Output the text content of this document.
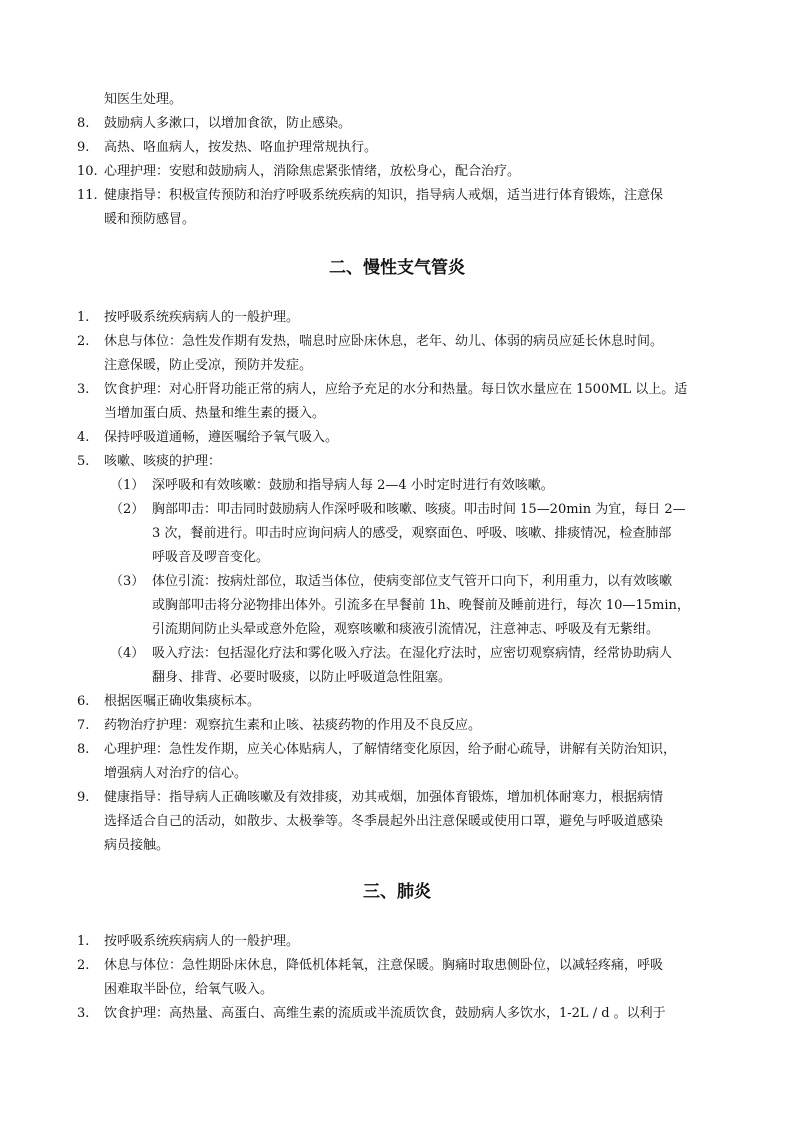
知医生处理。
8. 鼓励病人多漱口，以增加食欲，防止感染。
9. 高热、咯血病人，按发热、咯血护理常规执行。
10. 心理护理：安慰和鼓励病人，消除焦虑紧张情绪，放松身心，配合治疗。
11. 健康指导：积极宣传预防和治疗呼吸系统疾病的知识，指导病人戒烟，适当进行体育锻炼，注意保
暖和预防感冒。
二、慢性支气管炎
1. 按呼吸系统疾病病人的一般护理。
2. 休息与体位：急性发作期有发热，喘息时应卧床休息，老年、幼儿、体弱的病员应延长休息时间。
注意保暖，防止受凉，预防并发症。
3. 饮食护理：对心肝肾功能正常的病人，应给予充足的水分和热量。每日饮水量应在 1500ML 以上。适
当增加蛋白质、热量和维生素的摄入。
4. 保持呼吸道通畅，遵医嘱给予氧气吸入。
5. 咳嗽、咳痰的护理：
（1） 深呼吸和有效咳嗽：鼓励和指导病人每 2—4 小时定时进行有效咳嗽。
（2） 胸部叩击：叩击同时鼓励病人作深呼吸和咳嗽、咳痰。叩击时间 15—20min 为宜，每日 2—
3 次，餐前进行。叩击时应询问病人的感受，观察面色、呼吸、咳嗽、排痰情况，检查肺部
呼吸音及啰音变化。
（3） 体位引流：按病灶部位，取适当体位，使病变部位支气管开口向下，利用重力，以有效咳嗽
或胸部叩击将分泌物排出体外。引流多在早餐前 1h、晚餐前及睡前进行，每次 10—15min，
引流期间防止头晕或意外危险，观察咳嗽和痰液引流情况，注意神志、呼吸及有无紫绀。
（4） 吸入疗法：包括湿化疗法和雾化吸入疗法。在湿化疗法时，应密切观察病情，经常协助病人
翻身、排背、必要时吸痰，以防止呼吸道急性阻塞。
6. 根据医嘱正确收集痰标本。
7. 药物治疗护理：观察抗生素和止咳、祛痰药物的作用及不良反应。
8. 心理护理：急性发作期，应关心体贴病人，了解情绪变化原因，给予耐心疏导，讲解有关防治知识，
增强病人对治疗的信心。
9. 健康指导：指导病人正确咳嗽及有效排痰，劝其戒烟，加强体育锻炼，增加机体耐寒力，根据病情
选择适合自己的活动，如散步、太极拳等。冬季晨起外出注意保暖或使用口罩，避免与呼吸道感染
病员接触。
三、肺炎
1. 按呼吸系统疾病病人的一般护理。
2. 休息与体位：急性期卧床休息，降低机体耗氧，注意保暖。胸痛时取患侧卧位，以减轻疼痛，呼吸
困难取半卧位，给氧气吸入。
3. 饮食护理：高热量、高蛋白、高维生素的流质或半流质饮食，鼓励病人多饮水，1-2L / d 。以利于
